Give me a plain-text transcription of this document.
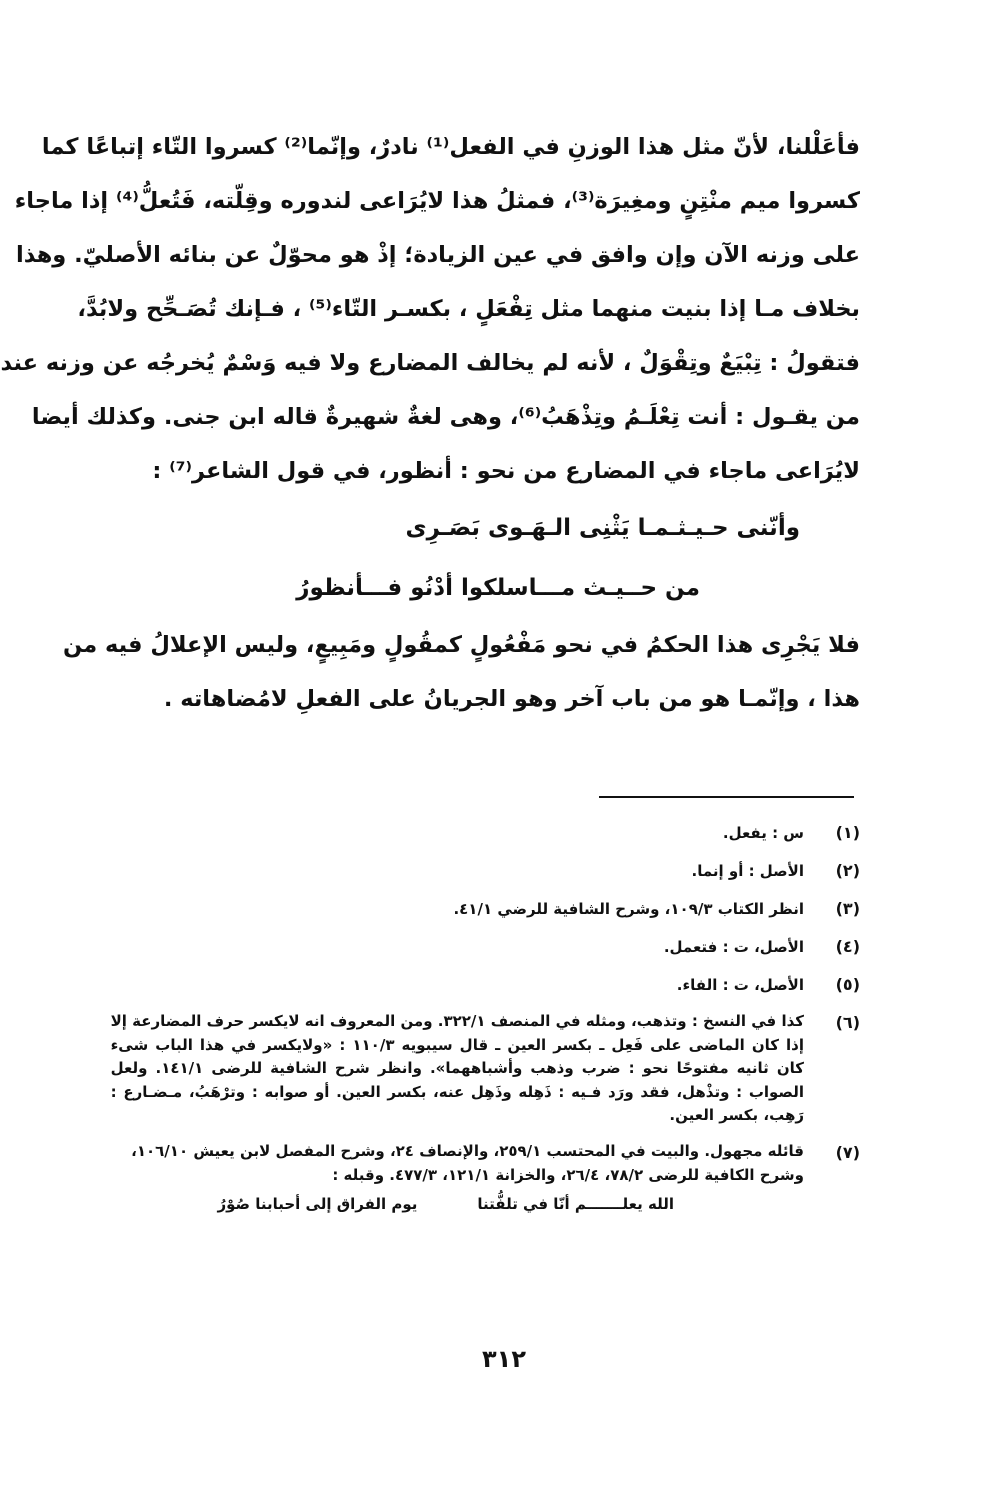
فأعَلْلنا، لأنّ مثل هذا الوزنِ في الفعل⁽¹⁾ نادرٌ، وإنّما⁽²⁾ كسروا التّاء إتباعًا كما
كسروا ميم منْتِنٍ ومغِيرَة⁽³⁾، فمثلُ هذا لايُرَاعى لندوره وقِلّته، فَتُعلُّ⁽⁴⁾ إذا ماجاء
على وزنه الآن وإن وافق في عين الزيادة؛ إذْ هو محوّلٌ عن بنائه الأصليّ. وهذا
بخلاف مـا إذا بنيت منهما مثل تِفْعَلٍ ، بكسـر التّاء⁽⁵⁾ ، فـإنك تُصَـحِّح ولابُدَّ،
فتقولُ : تِبْيَعٌ وتِقْوَلٌ ، لأنه لم يخالف المضارع ولا فيه وَسْمٌ يُخرجُه عن وزنه عند
من يقـول : أنت تِعْلَـمُ وتِذْهَبُ⁽⁶⁾، وهى لغةٌ شهيرةٌ قاله ابن جنى. وكذلك أيضا
لايُرَاعى ماجاء في المضارع من نحو : أنظور، في قول الشاعر⁽⁷⁾ :
وأنّنى حـيـثـمـا يَثْنِى الـهَـوى بَصَـرِى
من حــيـث مـــاسلكوا أدْنُو فـــأنظورُ
فلا يَجْرِى هذا الحكمُ في نحو مَفْعُولٍ كمقُولٍ ومَبِيعٍ، وليس الإعلالُ فيه من
هذا ، وإنّمـا هو من باب آخر وهو الجريانُ على الفعلِ لامُضاهاته .
(١)
س : يفعل.
(٢)
الأصل : أو إنما.
(٣)
انظر الكتاب ١٠٩/٣، وشرح الشافية للرضي ٤١/١.
(٤)
الأصل، ت : فتعمل.
(٥)
الأصل، ت : الفاء.
(٦)
كذا في النسخ : وتذهب، ومثله في المنصف ٣٢٢/١. ومن المعروف انه لايكسر حرف المضارعة إلا
إذا كان الماضى على فَعِل ـ بكسر العين ـ قال سيبويه ١١٠/٣ : «ولايكسر في هذا الباب شىء
كان ثانيه مفتوحًا نحو : ضرب وذهب وأشباههما». وانظر شرح الشافية للرضى ١٤١/١. ولعل
الصواب : وتذْهل، فقد ورَد فـيه : ذَهِله وذَهِل عنه، بكسر العين. أو صوابه : وترْهَبُ، مـضـارع :
رَهِب، بكسر العين.
(٧)
قائله مجهول. والبيت في المحتسب ٢٥٩/١، والإنصاف ٢٤، وشرح المفصل لابن يعيش ١٠٦/١٠،
وشرح الكافية للرضى ٧٨/٢، ٢٦/٤، والخزانة ١٢١/١، ٤٧٧/٣. وقبله :
الله يعلـــــــم أنّا في تلفُّتنا
يوم الفراق إلى أحبابنا صُوْرُ
٣١٢
